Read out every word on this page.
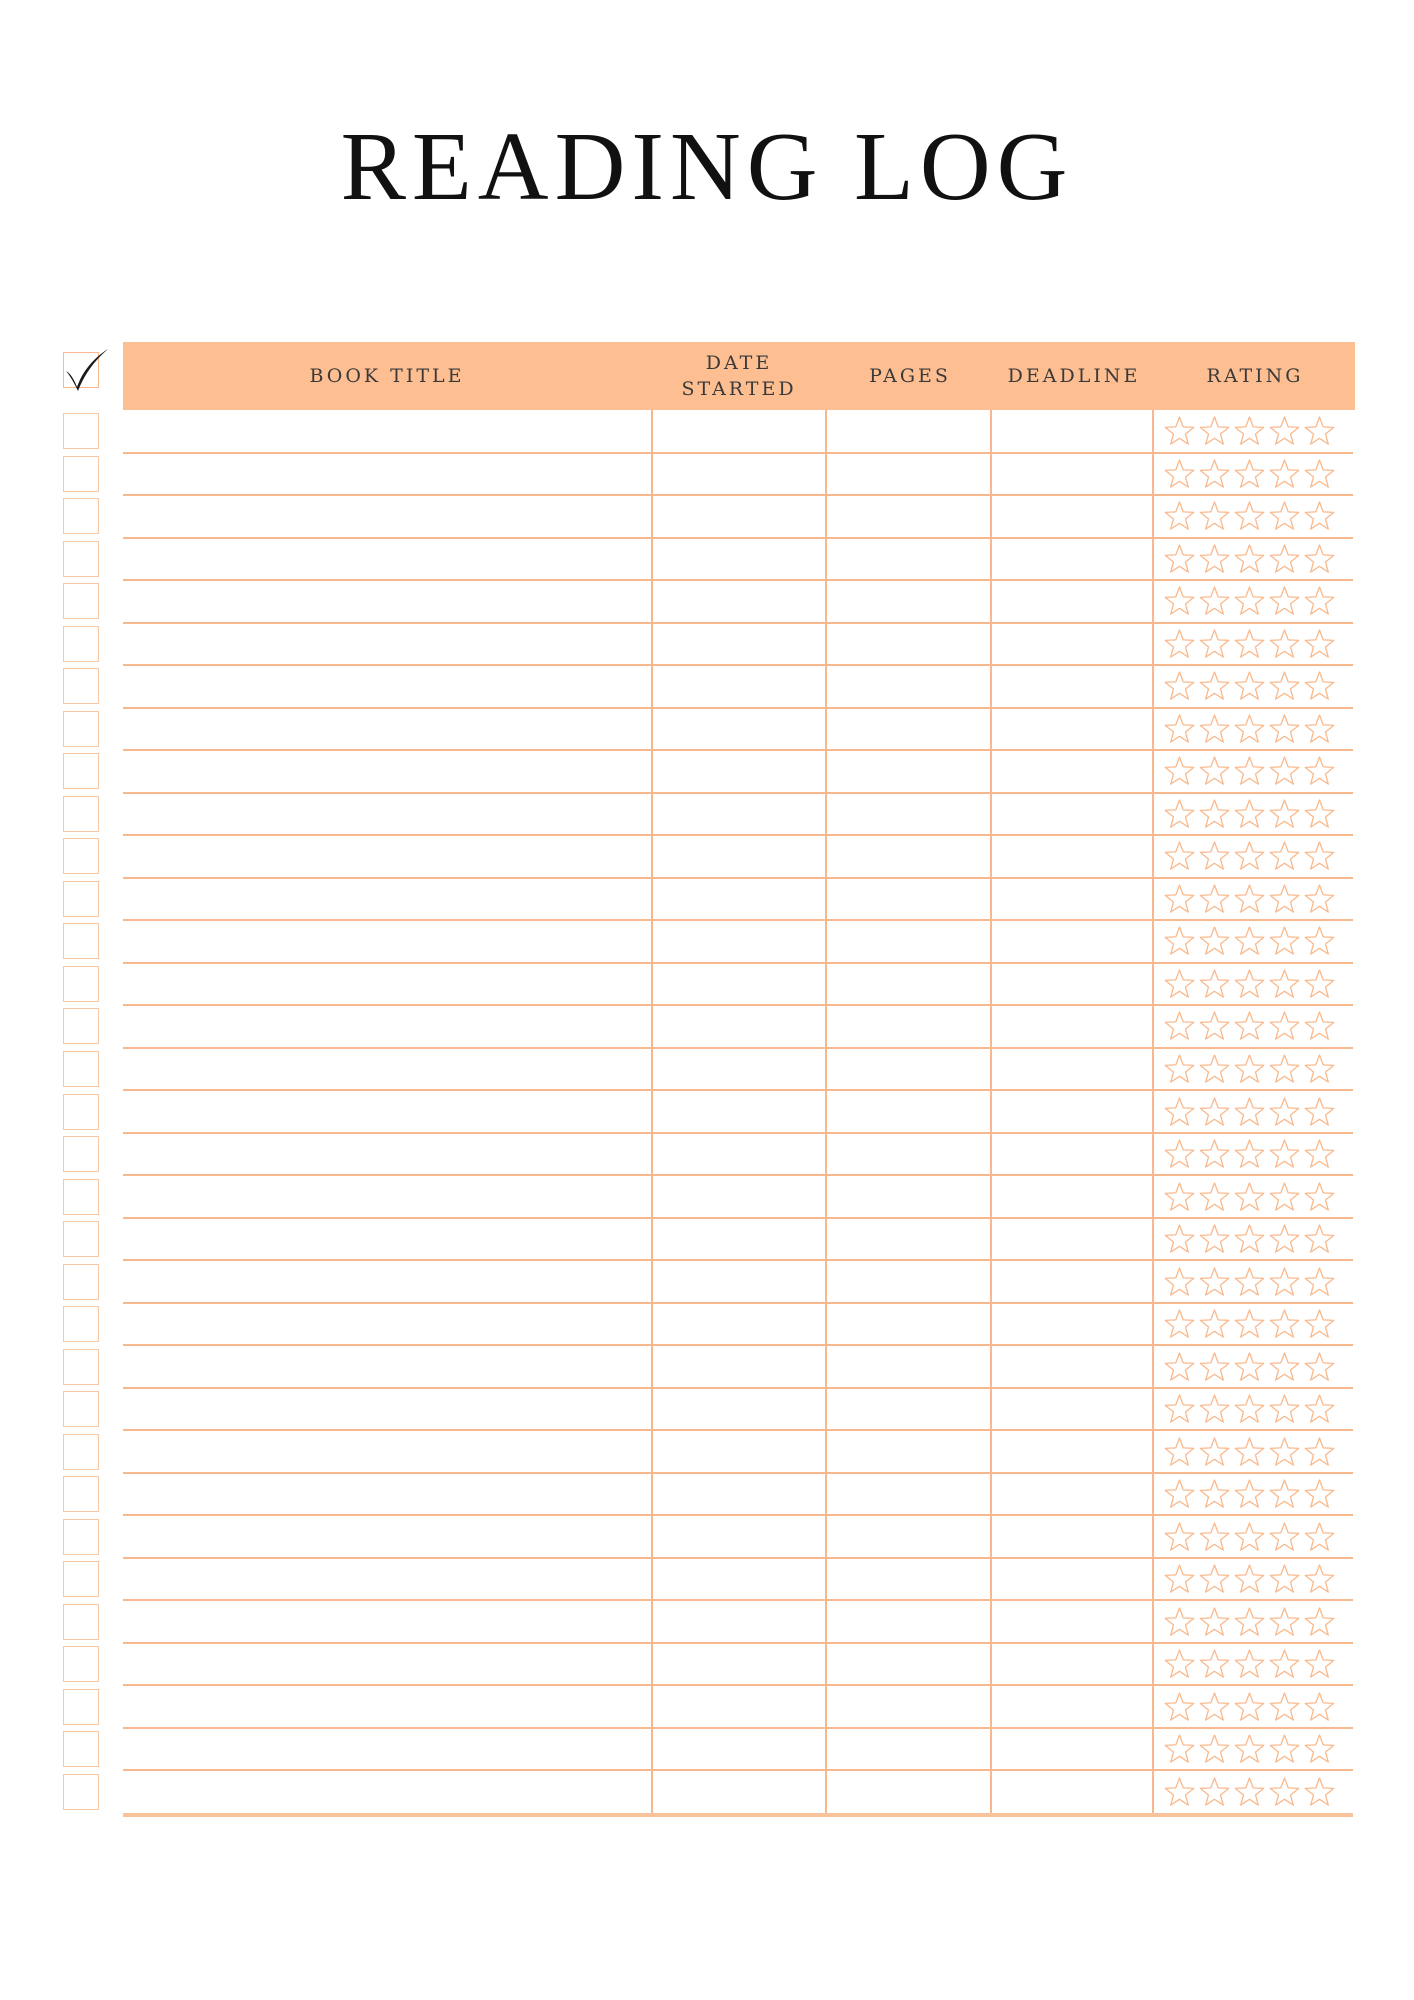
READING LOG
BOOK TITLE
DATE
STARTED
PAGES	DEADLINE	RATING
